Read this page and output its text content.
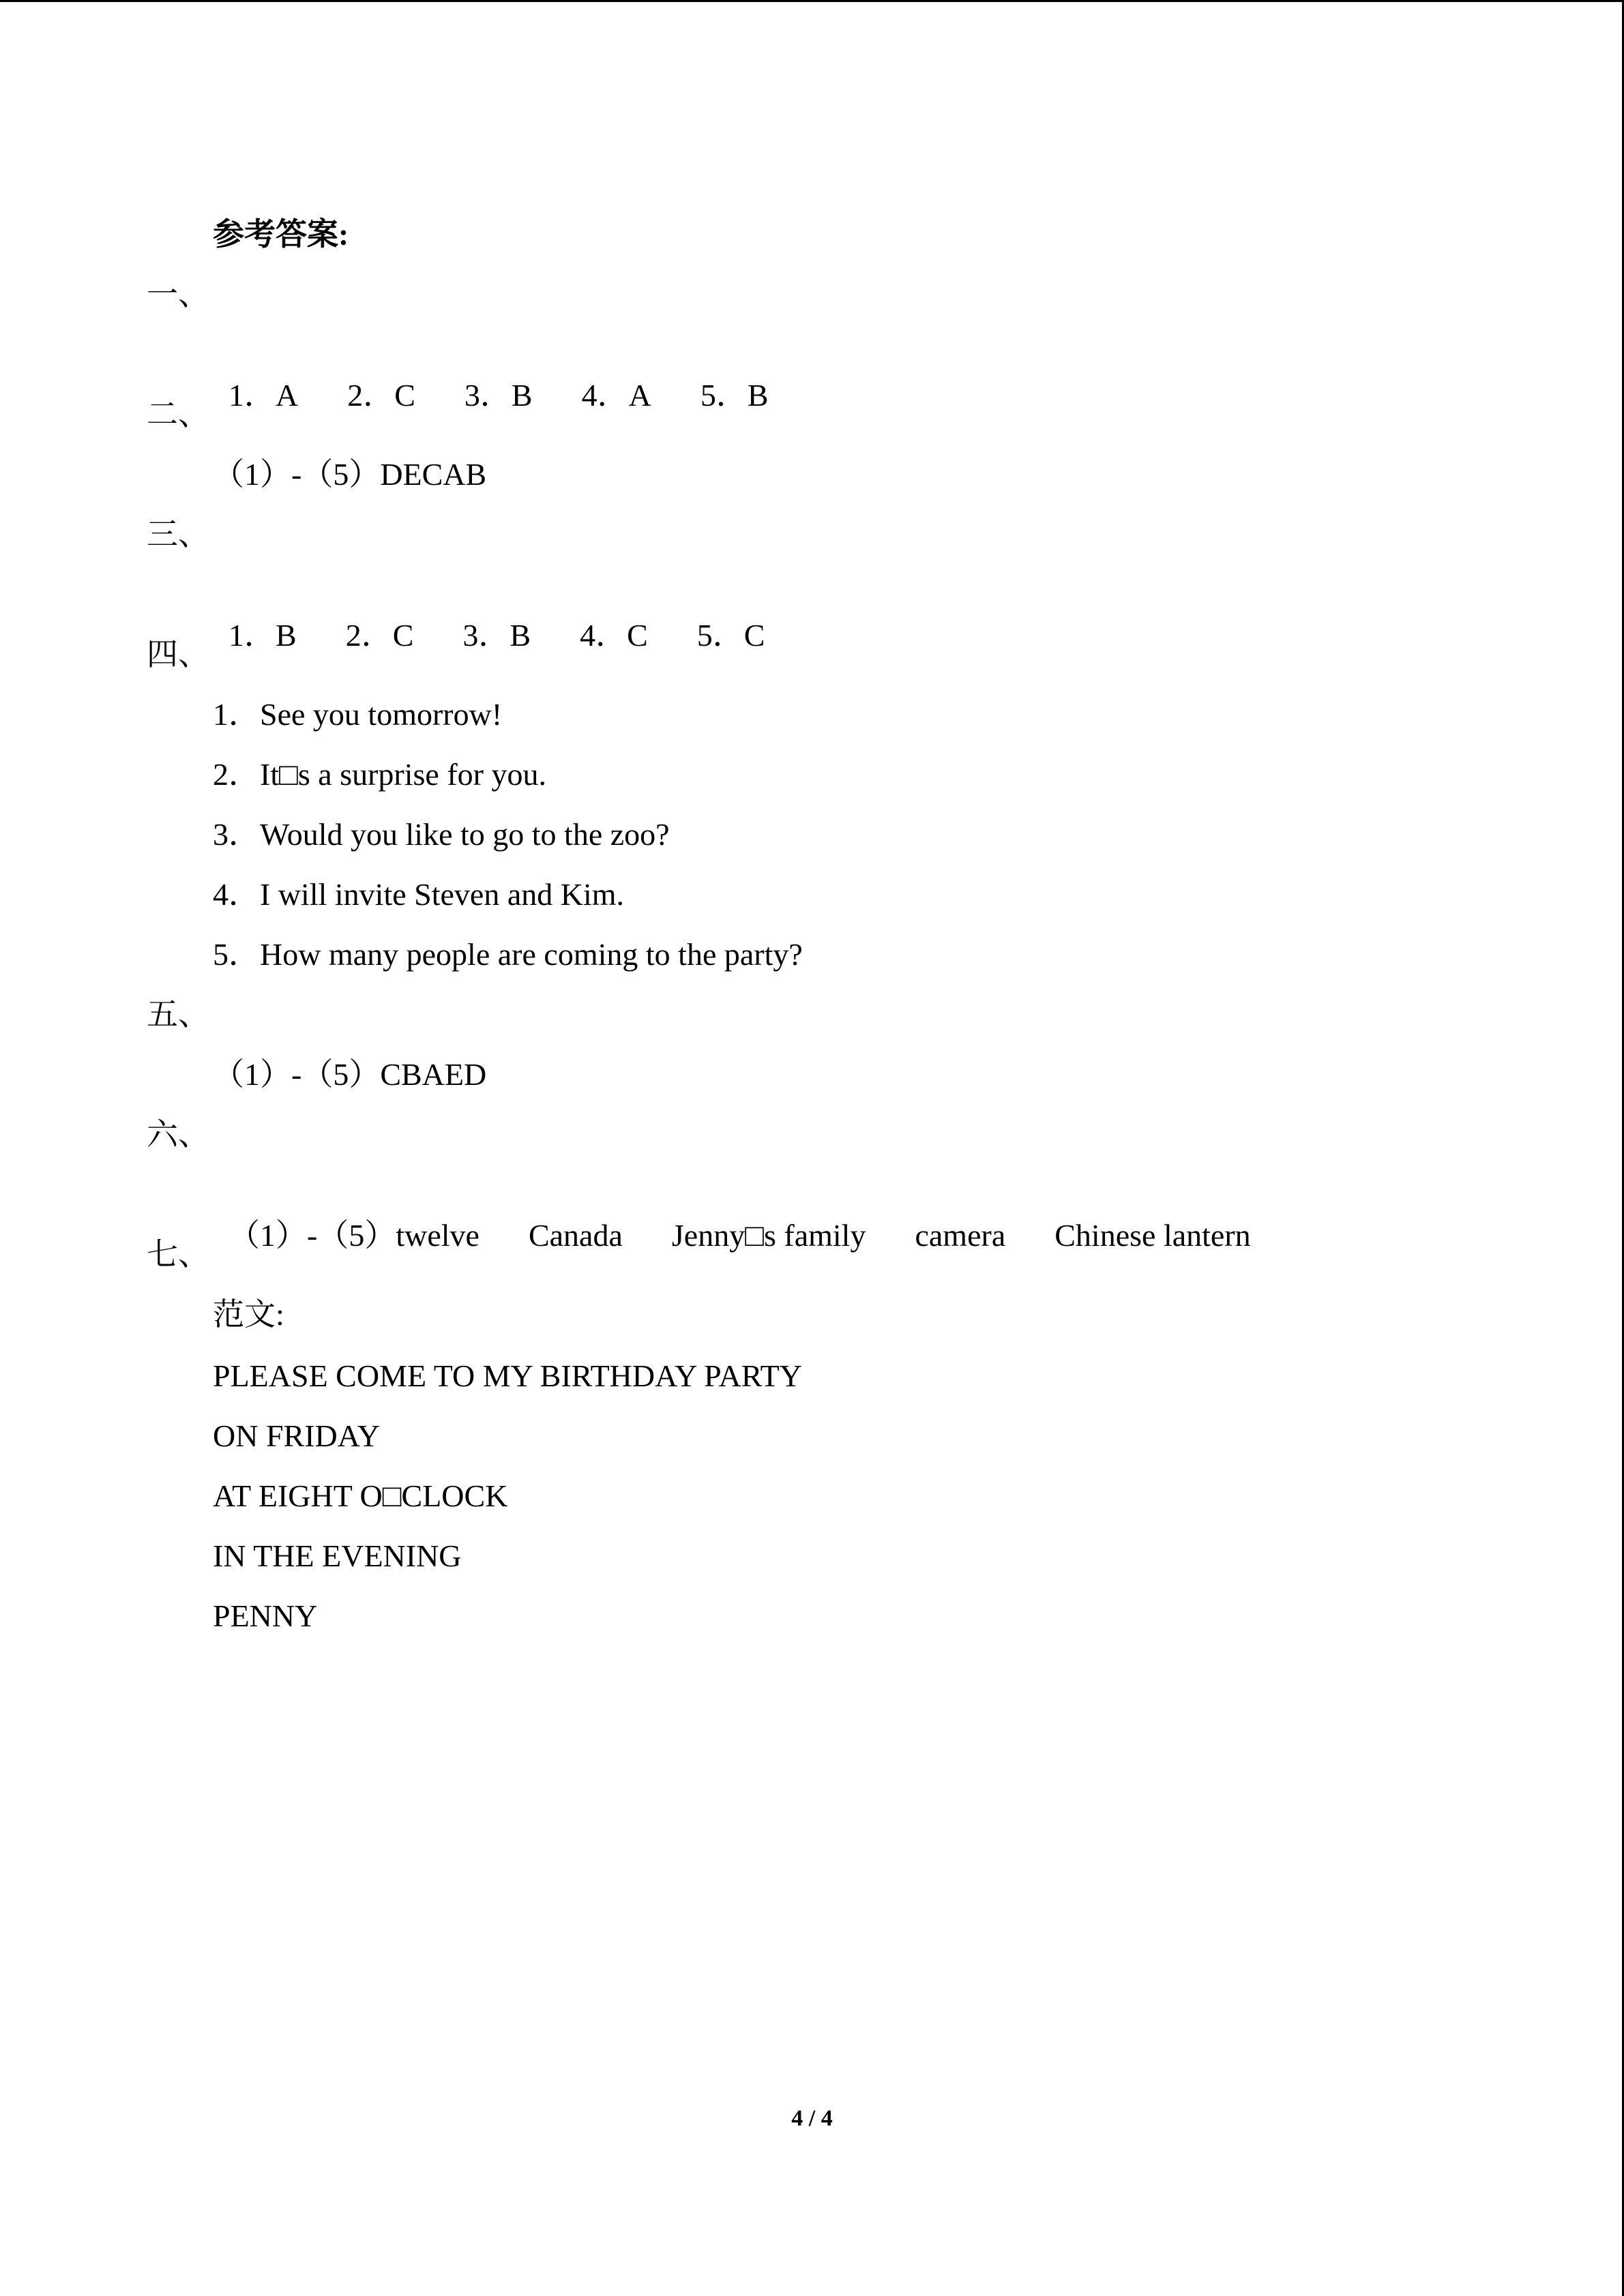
参考答案:
一、

1．A 2．C 3．B 4．A 5．B

二、
（1）-（5）DECAB
三、

1．B 2．C 3．B 4．C 5．C

四、
1．See you tomorrow!
2．It□s a surprise for you.
3．Would you like to go to the zoo?
4．I will invite Steven and Kim.
5．How many people are coming to the party?
五、
（1）-（5）CBAED
六、

（1）-（5）twelve Canada Jenny□s family camera Chinese lantern

七、
范文:
PLEASE COME TO MY BIRTHDAY PARTY
ON FRIDAY
AT EIGHT O□CLOCK
IN THE EVENING
PENNY
4 / 4
